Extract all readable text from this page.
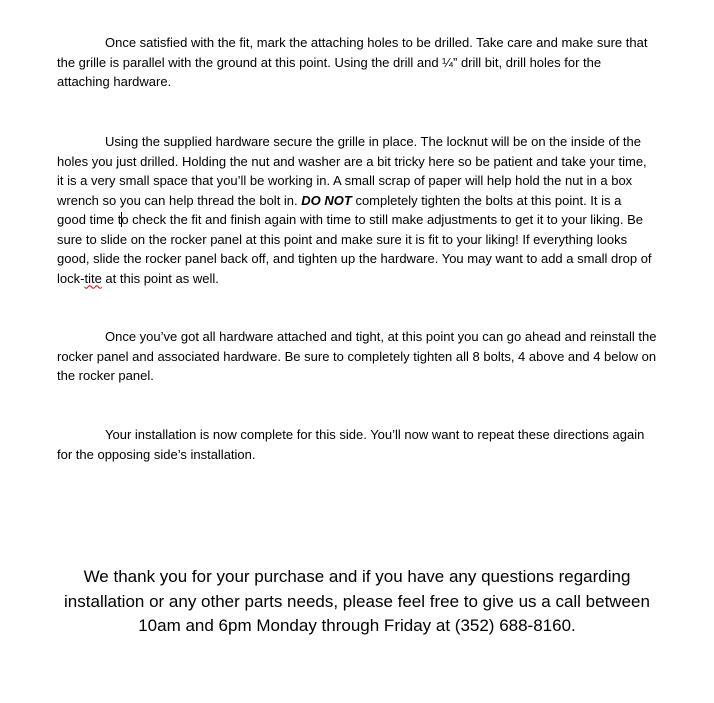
Once satisfied with the fit, mark the attaching holes to be drilled. Take care and make sure that
the grille is parallel with the ground at this point. Using the drill and ¼” drill bit, drill holes for the
attaching hardware.

Using the supplied hardware secure the grille in place. The locknut will be on the inside of the
holes you just drilled. Holding the nut and washer are a bit tricky here so be patient and take your time,
it is a very small space that you’ll be working in. A small scrap of paper will help hold the nut in a box
wrench so you can help thread the bolt in. DO NOT completely tighten the bolts at this point. It is a
good time to check the fit and finish again with time to still make adjustments to get it to your liking. Be
sure to slide on the rocker panel at this point and make sure it is fit to your liking! If everything looks
good, slide the rocker panel back off, and tighten up the hardware. You may want to add a small drop of
lock-tite at this point as well.

Once you’ve got all hardware attached and tight, at this point you can go ahead and reinstall the
rocker panel and associated hardware. Be sure to completely tighten all 8 bolts, 4 above and 4 below on
the rocker panel.

Your installation is now complete for this side. You’ll now want to repeat these directions again
for the opposing side’s installation.

We thank you for your purchase and if you have any questions regarding
installation or any other parts needs, please feel free to give us a call between
10am and 6pm Monday through Friday at (352) 688-8160.
